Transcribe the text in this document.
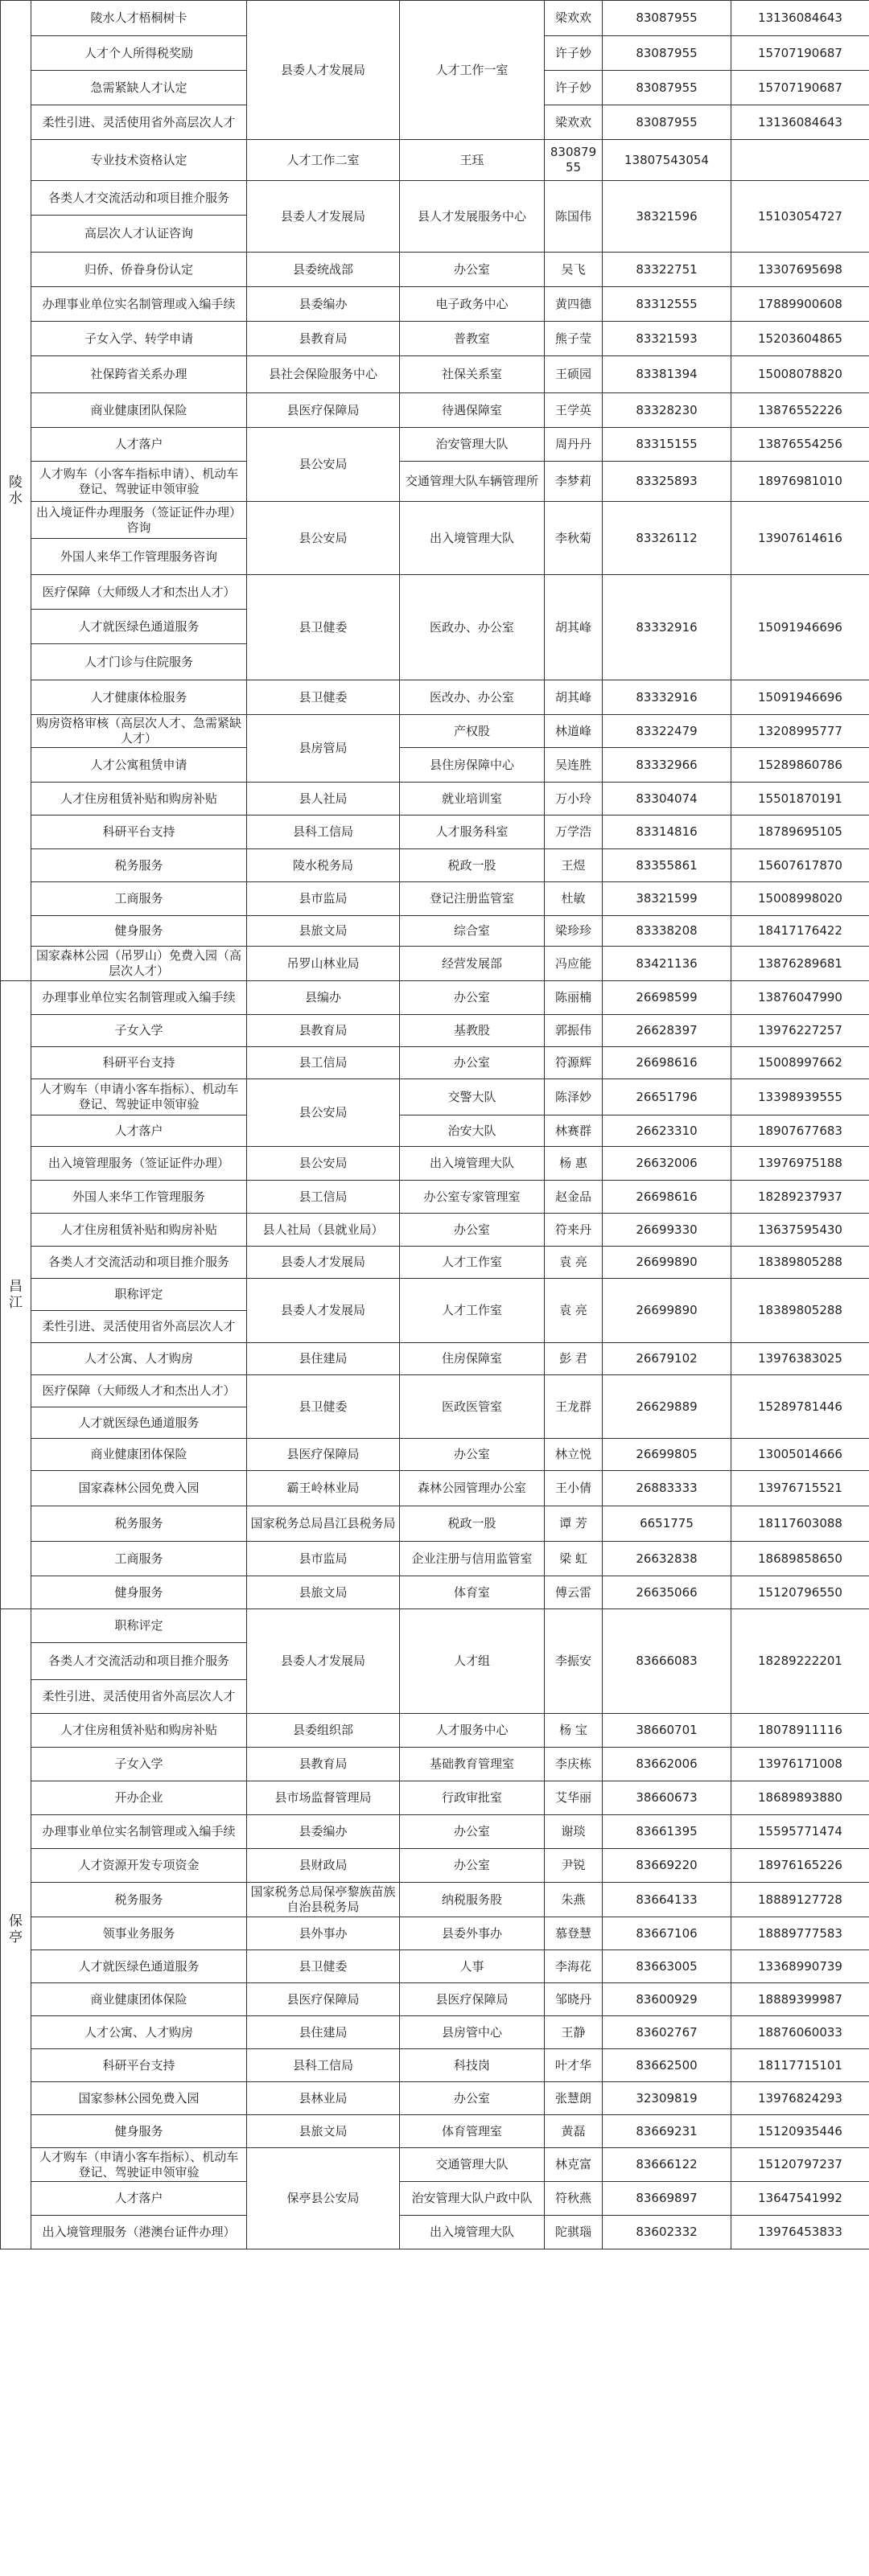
陵水	陵水人才梧桐树卡	县委人才发展局	人才工作一室	梁欢欢	83087955	13136084643
	人才个人所得税奖励			许子妙	83087955	15707190687
	急需紧缺人才认定			许子妙	83087955	15707190687
	柔性引进、灵活使用省外高层次人才			梁欢欢	83087955	13136084643
	专业技术资格认定	人才工作二室	王珏	83087955	13807543054	
	各类人才交流活动和项目推介服务	县委人才发展局	县人才发展服务中心	陈国伟	38321596	15103054727
	高层次人才认证咨询					
	归侨、侨眷身份认定	县委统战部	办公室	吴飞	83322751	13307695698
	办理事业单位实名制管理或入编手续	县委编办	电子政务中心	黄四德	83312555	17889900608
	子女入学、转学申请	县教育局	普教室	熊子莹	83321593	15203604865
	社保跨省关系办理	县社会保险服务中心	社保关系室	王硕园	83381394	15008078820
	商业健康团队保险	县医疗保障局	待遇保障室	王学英	83328230	13876552226
	人才落户	县公安局	治安管理大队	周丹丹	83315155	13876554256
	人才购车（小客车指标申请）、机动车登记、驾驶证申领审验		交通管理大队车辆管理所	李梦莉	83325893	18976981010
	出入境证件办理服务（签证证件办理）咨询	县公安局	出入境管理大队	李秋菊	83326112	13907614616
	外国人来华工作管理服务咨询					
	医疗保障（大师级人才和杰出人才）	县卫健委	医政办、办公室	胡其峰	83332916	15091946696
	人才就医绿色通道服务					
	人才门诊与住院服务					
	人才健康体检服务	县卫健委	医改办、办公室	胡其峰	83332916	15091946696
	购房资格审核（高层次人才、急需紧缺人才）	县房管局	产权股	林道峰	83322479	13208995777
	人才公寓租赁申请		县住房保障中心	吴连胜	83332966	15289860786
	人才住房租赁补贴和购房补贴	县人社局	就业培训室	万小玲	83304074	15501870191
	科研平台支持	县科工信局	人才服务科室	万学浩	83314816	18789695105
	税务服务	陵水税务局	税政一股	王煜	83355861	15607617870
	工商服务	县市监局	登记注册监管室	杜敏	38321599	15008998020
	健身服务	县旅文局	综合室	梁珍珍	83338208	18417176422
	国家森林公园（吊罗山）免费入园（高层次人才）	吊罗山林业局	经营发展部	冯应能	83421136	13876289681
昌江	办理事业单位实名制管理或入编手续	县编办	办公室	陈丽楠	26698599	13876047990
	子女入学	县教育局	基教股	郭振伟	26628397	13976227257
	科研平台支持	县工信局	办公室	符源辉	26698616	15008997662
	人才购车（申请小客车指标）、机动车登记、驾驶证申领审验	县公安局	交警大队	陈泽妙	26651796	13398939555
	人才落户		治安大队	林赛群	26623310	18907677683
	出入境管理服务（签证证件办理）	县公安局	出入境管理大队	杨 惠	26632006	13976975188
	外国人来华工作管理服务	县工信局	办公室专家管理室	赵金品	26698616	18289237937
	人才住房租赁补贴和购房补贴	县人社局（县就业局）	办公室	符来丹	26699330	13637595430
	各类人才交流活动和项目推介服务	县委人才发展局	人才工作室	袁 亮	26699890	18389805288
	职称评定	县委人才发展局	人才工作室	袁 亮	26699890	18389805288
	柔性引进、灵活使用省外高层次人才					
	人才公寓、人才购房	县住建局	住房保障室	彭 君	26679102	13976383025
	医疗保障（大师级人才和杰出人才）	县卫健委	医政医管室	王龙群	26629889	15289781446
	人才就医绿色通道服务					
	商业健康团体保险	县医疗保障局	办公室	林立悦	26699805	13005014666
	国家森林公园免费入园	霸王岭林业局	森林公园管理办公室	王小倩	26883333	13976715521
	税务服务	国家税务总局昌江县税务局	税政一股	谭 芳	6651775	18117603088
	工商服务	县市监局	企业注册与信用监管室	梁 虹	26632838	18689858650
	健身服务	县旅文局	体育室	傅云雷	26635066	15120796550
保亭	职称评定	县委人才发展局	人才组	李振安	83666083	18289222201
	各类人才交流活动和项目推介服务					
	柔性引进、灵活使用省外高层次人才					
	人才住房租赁补贴和购房补贴	县委组织部	人才服务中心	杨 宝	38660701	18078911116
	子女入学	县教育局	基础教育管理室	李庆栋	83662006	13976171008
	开办企业	县市场监督管理局	行政审批室	艾华丽	38660673	18689893880
	办理事业单位实名制管理或入编手续	县委编办	办公室	谢琰	83661395	15595771474
	人才资源开发专项资金	县财政局	办公室	尹锐	83669220	18976165226
	税务服务	国家税务总局保亭黎族苗族自治县税务局	纳税服务股	朱燕	83664133	18889127728
	领事业务服务	县外事办	县委外事办	慕登慧	83667106	18889777583
	人才就医绿色通道服务	县卫健委	人事	李海花	83663005	13368990739
	商业健康团体保险	县医疗保障局	县医疗保障局	邹晓丹	83600929	18889399987
	人才公寓、人才购房	县住建局	县房管中心	王静	83602767	18876060033
	科研平台支持	县科工信局	科技岗	叶才华	83662500	18117715101
	国家参林公园免费入园	县林业局	办公室	张慧朗	32309819	13976824293
	健身服务	县旅文局	体育管理室	黄磊	83669231	15120935446
	人才购车（申请小客车指标）、机动车登记、驾驶证申领审验	保亭县公安局	交通管理大队	林克富	83666122	15120797237
	人才落户		治安管理大队户政中队	符秋燕	83669897	13647541992
	出入境管理服务（港澳台证件办理）		出入境管理大队	陀骐瑙	83602332	13976453833
